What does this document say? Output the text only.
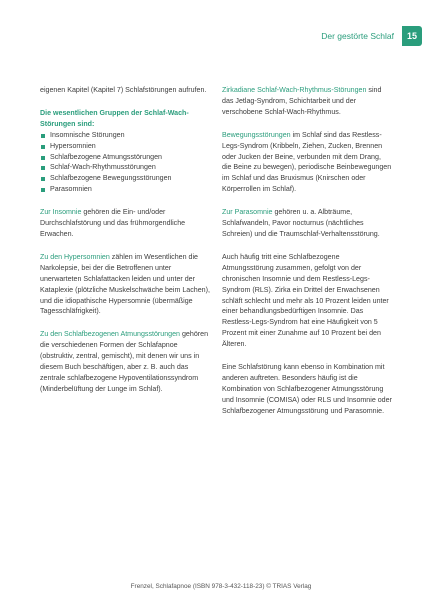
Der gestörte Schlaf	15

eigenen Kapitel (Kapitel 7) Schlafstörungen aufrufen.

Die wesentlichen Gruppen der Schlaf-Wach-Störungen sind:

Insomnische Störungen
Hypersomnien
Schlafbezogene Atmungsstörungen
Schlaf-Wach-Rhythmusstörungen
Schlafbezogene Bewegungsstörungen
Parasomnien

Zur Insomnie gehören die Ein- und/oder Durchschlafstörung und das frühmorgendliche Erwachen.

Zu den Hypersomnien zählen im Wesentlichen die Narkolepsie, bei der die Betroffenen unter unerwarteten Schlafattacken leiden und unter der Kataplexie (plötzliche Muskelschwäche beim Lachen), und die idiopathische Hypersomnie (übermäßige Tagesschläfrigkeit).

Zu den Schlafbezogenen Atmungsstörungen gehören die verschiedenen Formen der Schlafapnoe (obstruktiv, zentral, gemischt), mit denen wir uns in diesem Buch beschäftigen, aber z. B. auch das zentrale schlafbezogene Hypoventilationssyndrom (Minderbelüftung der Lunge im Schlaf).

Zirkadiane Schlaf-Wach-Rhythmus-Störungen sind das Jetlag-Syndrom, Schichtarbeit und der verschobene Schlaf-Wach-Rhythmus.

Bewegungsstörungen im Schlaf sind das Restless-Legs-Syndrom (Kribbeln, Ziehen, Zucken, Brennen oder Jucken der Beine, verbunden mit dem Drang, die Beine zu bewegen), periodische Beinbewegungen im Schlaf und das Bruxismus (Knirschen oder Körperrollen im Schlaf).

Zur Parasomnie gehören u. a. Albträume, Schlafwandeln, Pavor nocturnus (nächtliches Schreien) und die Traumschlaf-Verhaltensstörung.

Auch häufig tritt eine Schlafbezogene Atmungsstörung zusammen, gefolgt von der chronischen Insomnie und dem Restless-Legs-Syndrom (RLS). Zirka ein Drittel der Erwachsenen schläft schlecht und mehr als 10 Prozent leiden unter einer behandlungsbedürftigen Insomnie. Das Restless-Legs-Syndrom hat eine Häufigkeit von 5 Prozent mit einer Zunahme auf 10 Prozent bei den Älteren.

Eine Schlafstörung kann ebenso in Kombination mit anderen auftreten. Besonders häufig ist die Kombination von Schlafbezogener Atmungsstörung und Insomnie (COMISA) oder RLS und Insomnie oder Schlafbezogener Atmungsstörung und Parasomnie.

Frenzel, Schlafapnoe (ISBN 978-3-432-118-23) © TRIAS Verlag
